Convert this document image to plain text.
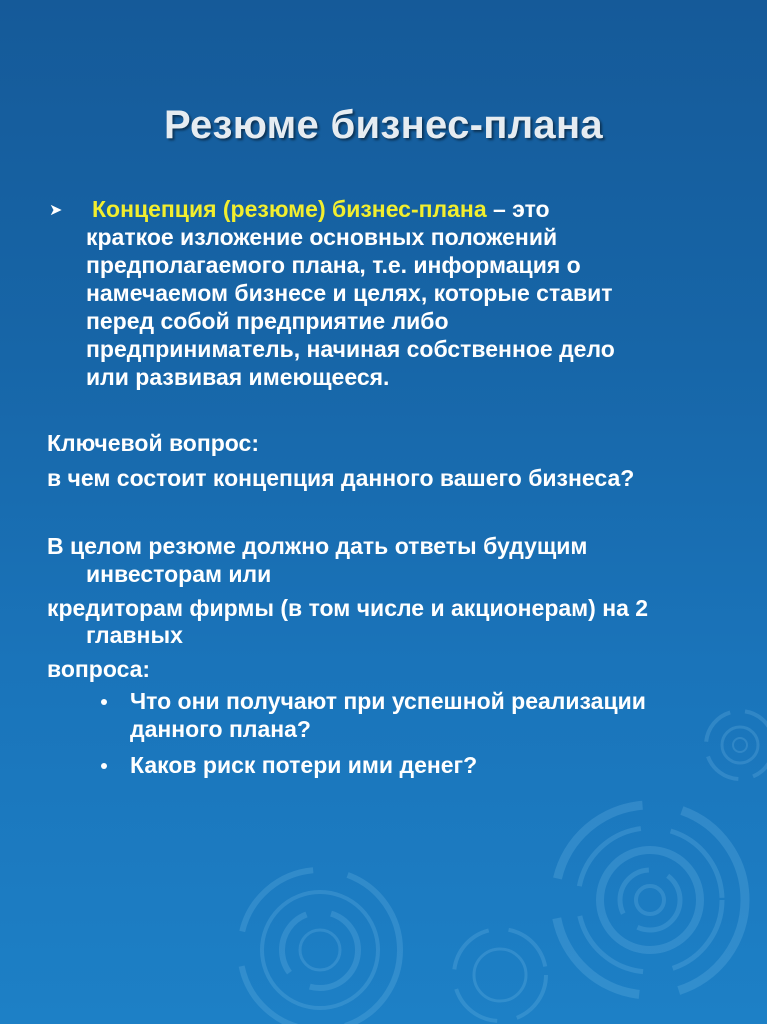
Резюме бизнес-плана
➤ Концепция (резюме) бизнес-плана – это
краткое изложение основных положений
предполагаемого плана, т.е. информация о
намечаемом бизнесе и целях, которые ставит
перед собой предприятие либо
предприниматель, начиная собственное дело
или развивая имеющееся.
Ключевой вопрос:
в чем состоит концепция данного вашего бизнеса?
В целом резюме должно дать ответы будущим
инвесторам или
кредиторам фирмы (в том числе и акционерам) на 2
главных
вопроса:
Что они получают при успешной реализации
данного плана?
Каков риск потери ими денег?
